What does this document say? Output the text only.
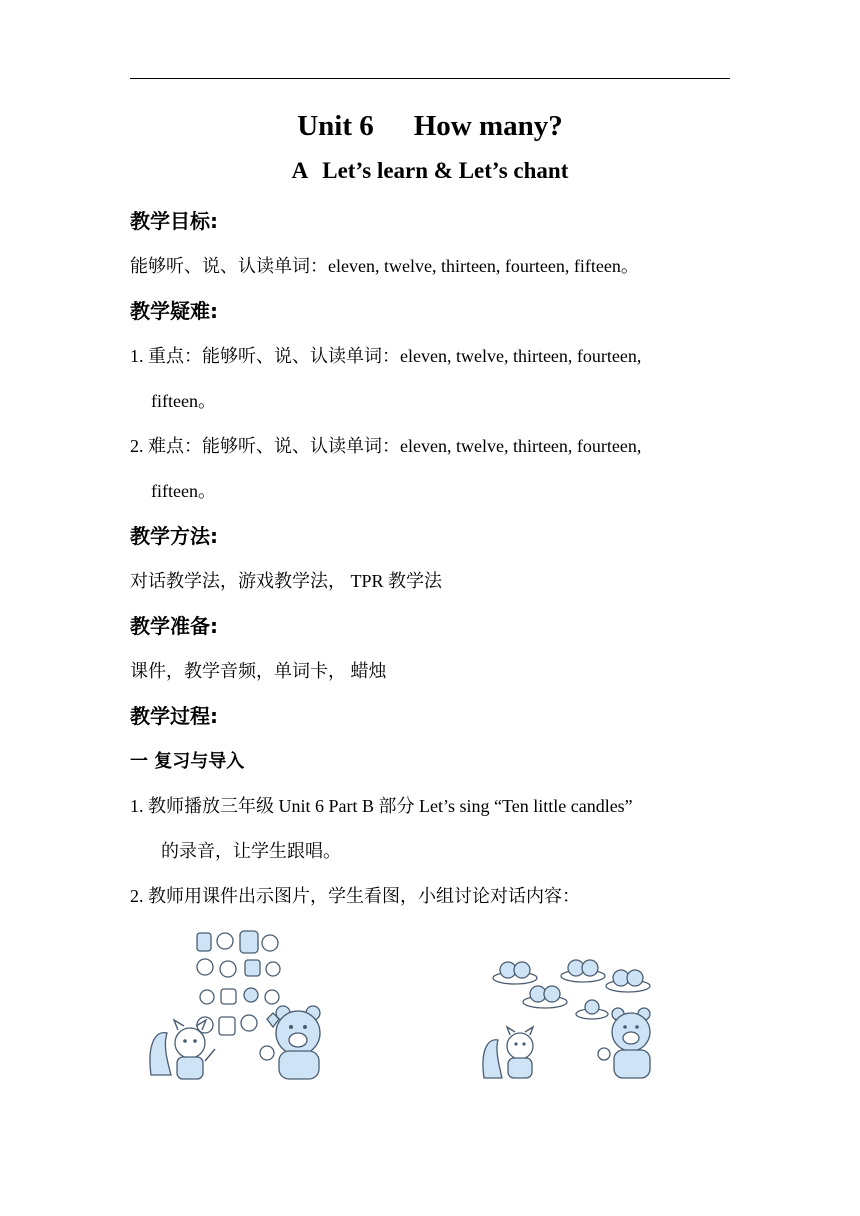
Unit 6 How many?
A Let’s learn & Let’s chant
教学目标:
能够听、说、认读单词：eleven, twelve, thirteen, fourteen, fifteen。
教学疑难:
1. 重点：能够听、说、认读单词：eleven, twelve, thirteen, fourteen,
fifteen。
2. 难点：能够听、说、认读单词：eleven, twelve, thirteen, fourteen,
fifteen。
教学方法:
对话教学法，游戏教学法， TPR 教学法
教学准备:
课件，教学音频，单词卡， 蜡烛
教学过程:
一 复习与导入
1. 教师播放三年级 Unit 6 Part B 部分 Let’s sing “Ten little candles”
的录音，让学生跟唱。
2. 教师用课件出示图片，学生看图，小组讨论对话内容：
